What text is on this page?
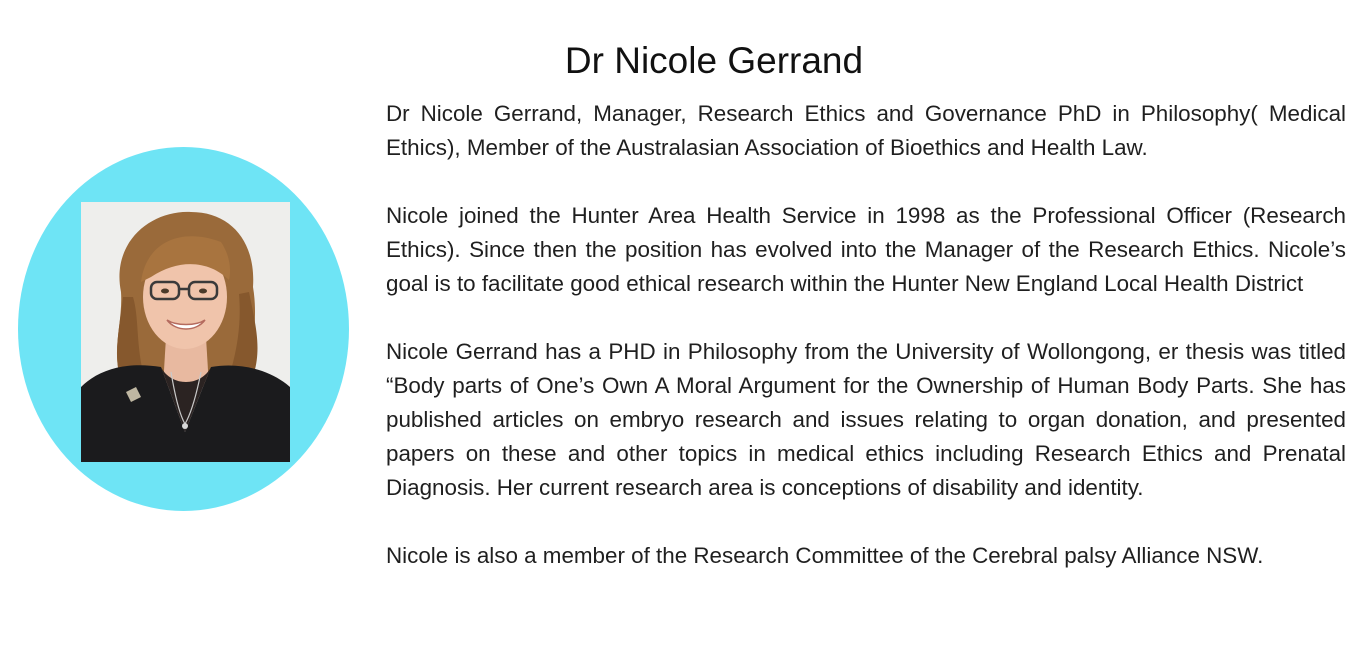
Dr Nicole Gerrand

Dr Nicole Gerrand, Manager, Research Ethics and Governance PhD in Philosophy( Medical Ethics), Member of the Australasian Association of Bioethics and Health Law.

Nicole joined the Hunter Area Health Service in 1998 as the Professional Officer (Research Ethics). Since then the position has evolved into the Manager of the Research Ethics. Nicole’s goal is to facilitate good ethical research within the Hunter New England Local Health District

Nicole Gerrand has a PHD in Philosophy from the University of Wollongong, er thesis was titled “Body parts of One’s Own A Moral Argument for the Ownership of Human Body Parts. She has published articles on embryo research and issues relating to organ donation, and presented papers on these and other topics in medical ethics including Research Ethics and Prenatal Diagnosis. Her current research area is conceptions of disability and identity.

Nicole is also a member of the Research Committee of the Cerebral palsy Alliance NSW.
